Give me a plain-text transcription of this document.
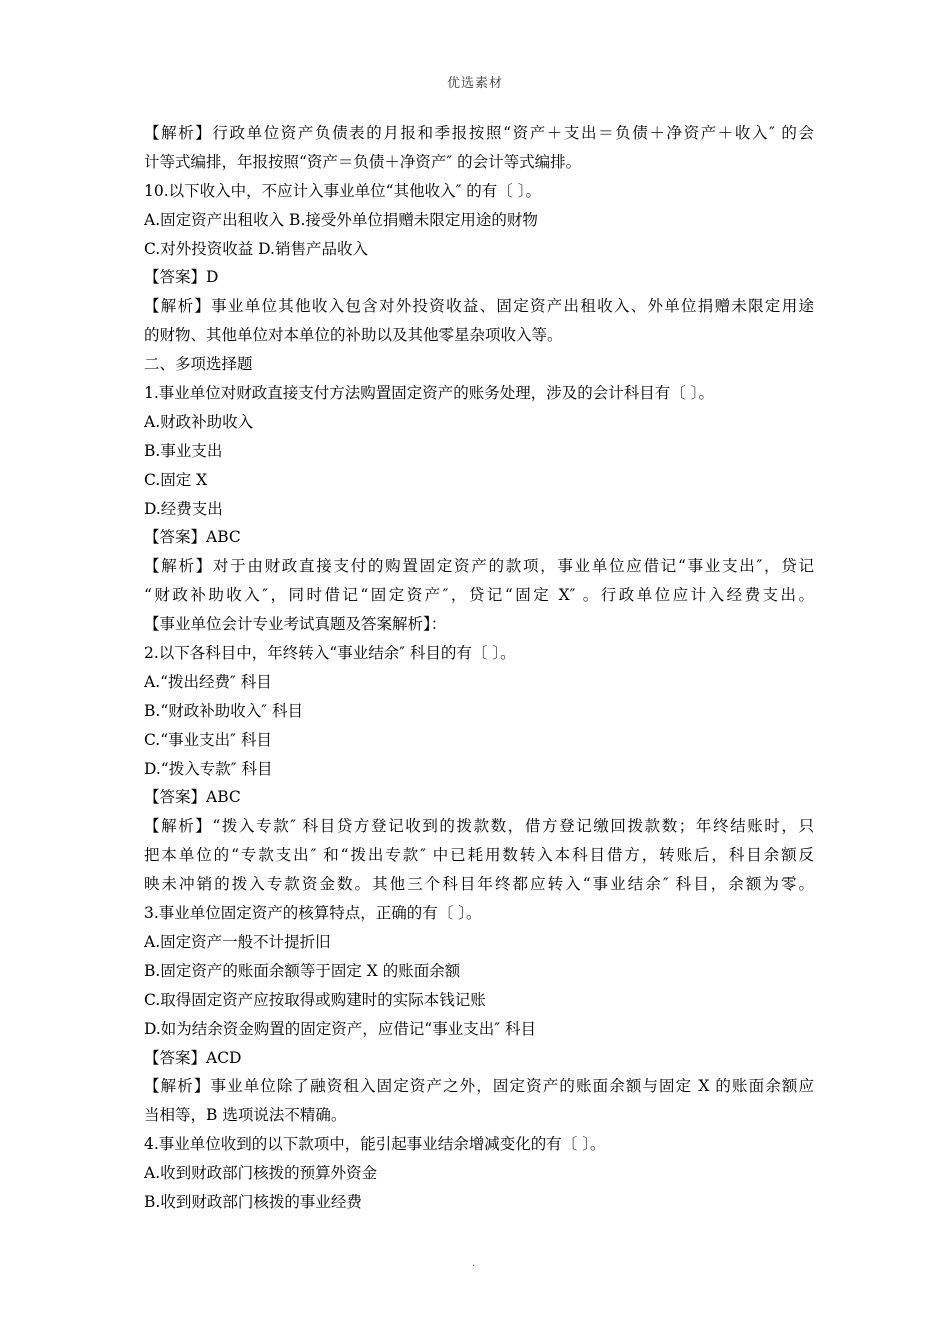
优选素材
【解析】行政单位资产负债表的月报和季报按照“资产＋支出＝负债＋净资产＋收入″ 的会
计等式编排，年报按照“资产＝负债＋净资产″ 的会计等式编排。
10.以下收入中，不应计入事业单位“其他收入″ 的有〔 〕。
A.固定资产出租收入 B.接受外单位捐赠未限定用途的财物
C.对外投资收益 D.销售产品收入
【答案】D
【解析】事业单位其他收入包含对外投资收益、固定资产出租收入、外单位捐赠未限定用途
的财物、其他单位对本单位的补助以及其他零星杂项收入等。
二、多项选择题
1.事业单位对财政直接支付方法购置固定资产的账务处理，涉及的会计科目有〔 〕。
A.财政补助收入
B.事业支出
C.固定 X
D.经费支出
【答案】ABC
【解析】对于由财政直接支付的购置固定资产的款项，事业单位应借记“事业支出″，贷记
“财政补助收入″，同时借记“固定资产″，贷记“固定 X″ 。行政单位应计入经费支出。
【事业单位会计专业考试真题及答案解析】：
2.以下各科目中，年终转入“事业结余″ 科目的有〔 〕。
A.“拨出经费″ 科目
B.“财政补助收入″ 科目
C.“事业支出″ 科目
D.“拨入专款″ 科目
【答案】ABC
【解析】“拨入专款″ 科目贷方登记收到的拨款数，借方登记缴回拨款数；年终结账时，只
把本单位的“专款支出″ 和“拨出专款″ 中已耗用数转入本科目借方，转账后，科目余额反
映未冲销的拨入专款资金数。其他三个科目年终都应转入“事业结余″ 科目，余额为零。
3.事业单位固定资产的核算特点，正确的有〔 〕。
A.固定资产一般不计提折旧
B.固定资产的账面余额等于固定 X 的账面余额
C.取得固定资产应按取得或购建时的实际本钱记账
D.如为结余资金购置的固定资产，应借记“事业支出″ 科目
【答案】ACD
【解析】事业单位除了融资租入固定资产之外，固定资产的账面余额与固定 X 的账面余额应
当相等，B 选项说法不精确。
4.事业单位收到的以下款项中，能引起事业结余增减变化的有〔 〕。
A.收到财政部门核拨的预算外资金
B.收到财政部门核拨的事业经费
.
